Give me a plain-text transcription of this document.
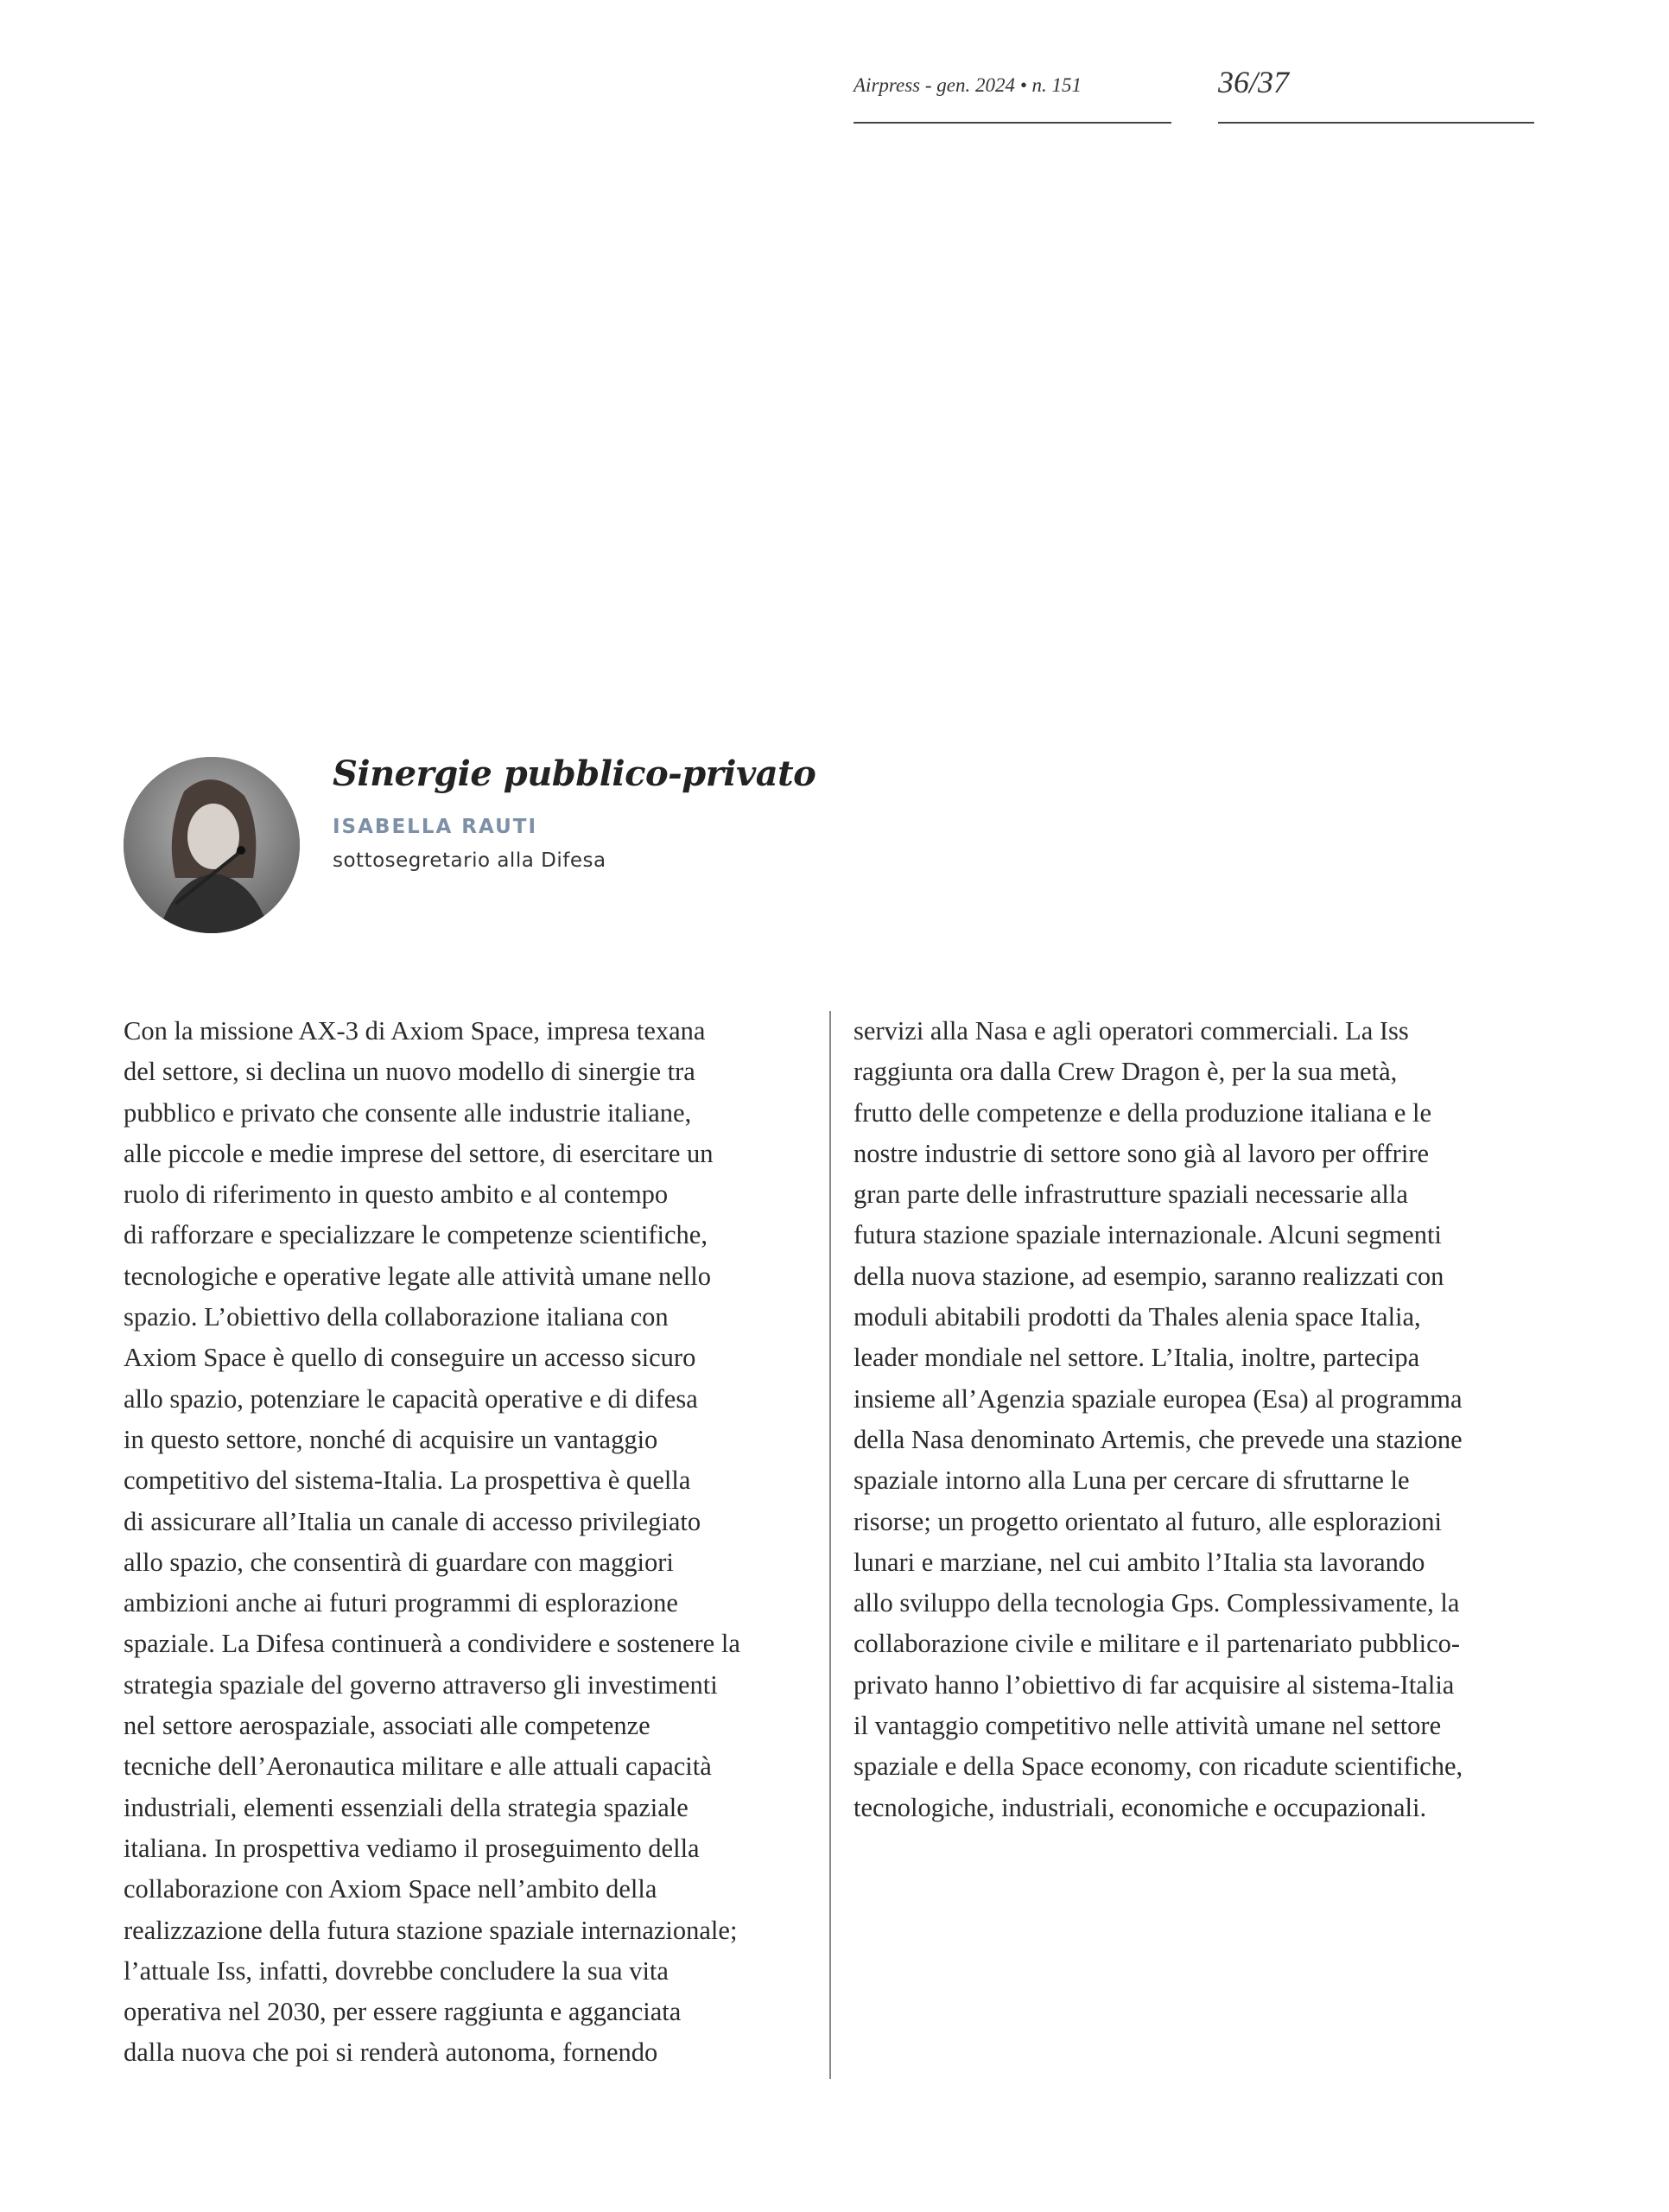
Airpress - gen. 2024 • n. 151	36/37
Sinergie pubblico-privato
ISABELLA RAUTI
sottosegretario alla Difesa
Con la missione AX-3 di Axiom Space, impresa texana
del settore, si declina un nuovo modello di sinergie tra
pubblico e privato che consente alle industrie italiane,
alle piccole e medie imprese del settore, di esercitare un
ruolo di riferimento in questo ambito e al contempo
di rafforzare e specializzare le competenze scientifiche,
tecnologiche e operative legate alle attività umane nello
spazio. L’obiettivo della collaborazione italiana con
Axiom Space è quello di conseguire un accesso sicuro
allo spazio, potenziare le capacità operative e di difesa
in questo settore, nonché di acquisire un vantaggio
competitivo del sistema-Italia. La prospettiva è quella
di assicurare all’Italia un canale di accesso privilegiato
allo spazio, che consentirà di guardare con maggiori
ambizioni anche ai futuri programmi di esplorazione
spaziale. La Difesa continuerà a condividere e sostenere la
strategia spaziale del governo attraverso gli investimenti
nel settore aerospaziale, associati alle competenze
tecniche dell’Aeronautica militare e alle attuali capacità
industriali, elementi essenziali della strategia spaziale
italiana. In prospettiva vediamo il proseguimento della
collaborazione con Axiom Space nell’ambito della
realizzazione della futura stazione spaziale internazionale;
l’attuale Iss, infatti, dovrebbe concludere la sua vita
operativa nel 2030, per essere raggiunta e agganciata
dalla nuova che poi si renderà autonoma, fornendo
servizi alla Nasa e agli operatori commerciali. La Iss
raggiunta ora dalla Crew Dragon è, per la sua metà,
frutto delle competenze e della produzione italiana e le
nostre industrie di settore sono già al lavoro per offrire
gran parte delle infrastrutture spaziali necessarie alla
futura stazione spaziale internazionale. Alcuni segmenti
della nuova stazione, ad esempio, saranno realizzati con
moduli abitabili prodotti da Thales alenia space Italia,
leader mondiale nel settore. L’Italia, inoltre, partecipa
insieme all’Agenzia spaziale europea (Esa) al programma
della Nasa denominato Artemis, che prevede una stazione
spaziale intorno alla Luna per cercare di sfruttarne le
risorse; un progetto orientato al futuro, alle esplorazioni
lunari e marziane, nel cui ambito l’Italia sta lavorando
allo sviluppo della tecnologia Gps. Complessivamente, la
collaborazione civile e militare e il partenariato pubblico-
privato hanno l’obiettivo di far acquisire al sistema-Italia
il vantaggio competitivo nelle attività umane nel settore
spaziale e della Space economy, con ricadute scientifiche,
tecnologiche, industriali, economiche e occupazionali.
